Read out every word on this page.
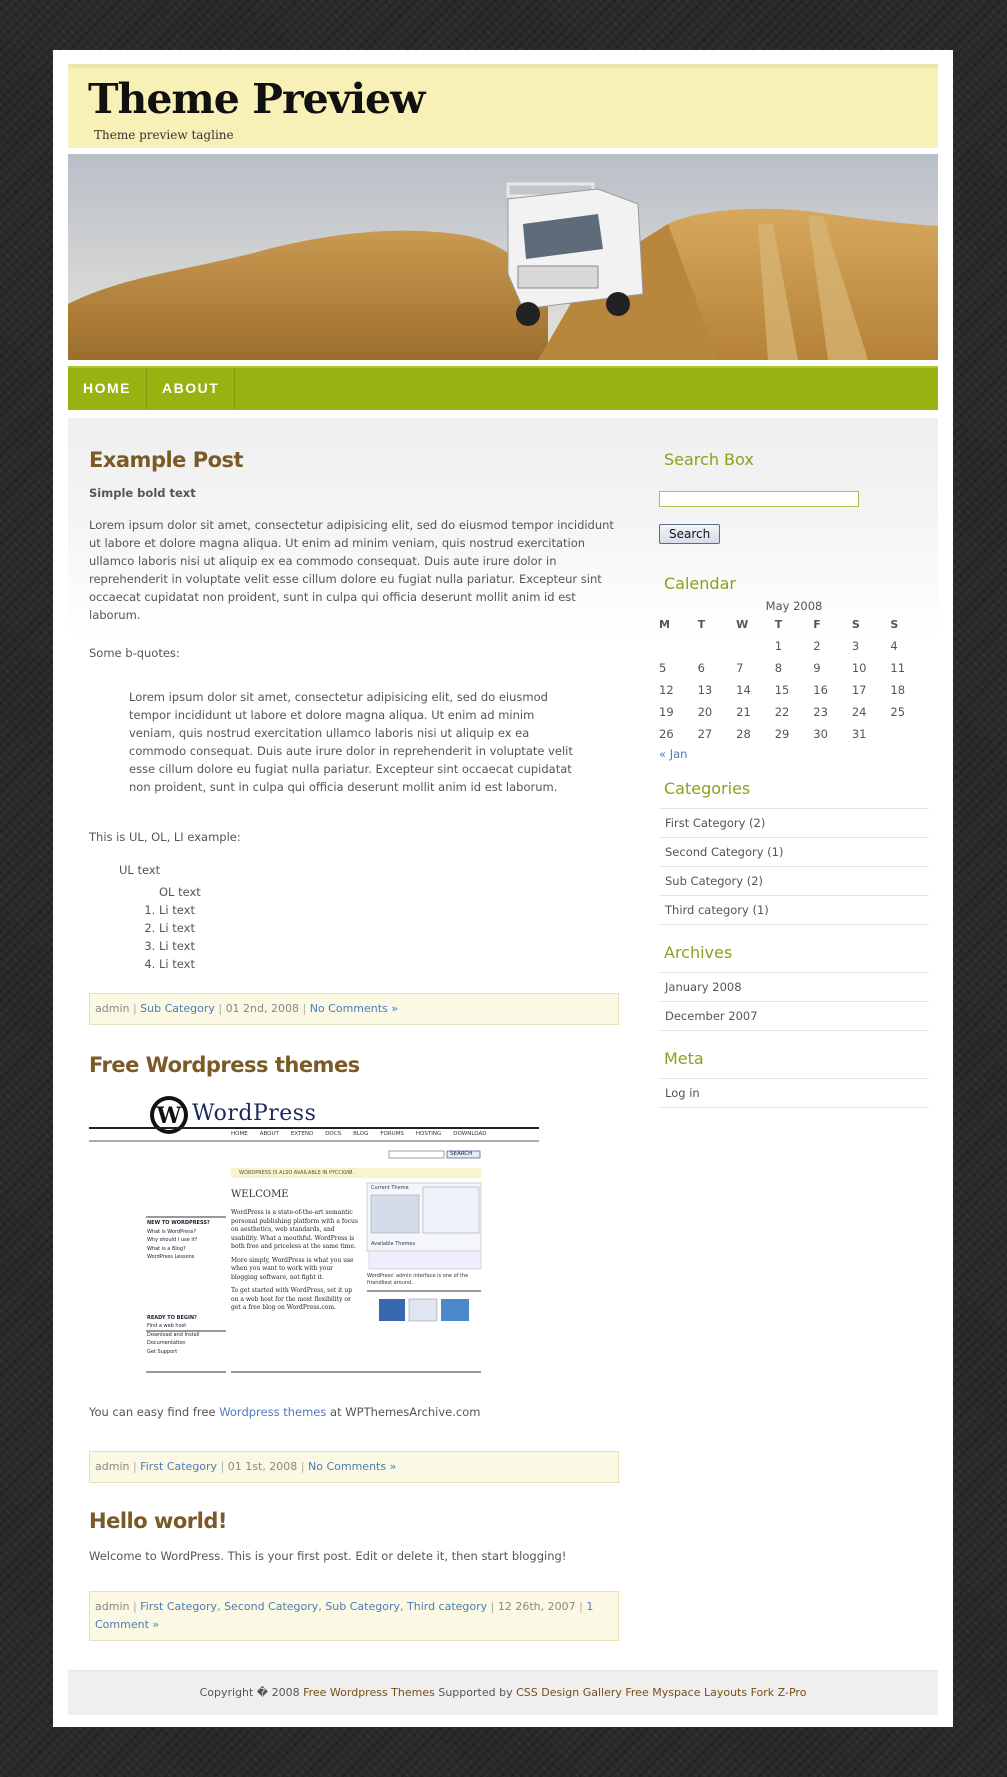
Theme Preview
Theme preview tagline
HOME	ABOUT
Example Post
Simple bold text

Lorem ipsum dolor sit amet, consectetur adipisicing elit, sed do eiusmod tempor incididunt ut labore et dolore magna aliqua. Ut enim ad minim veniam, quis nostrud exercitation ullamco laboris nisi ut aliquip ex ea commodo consequat. Duis aute irure dolor in reprehenderit in voluptate velit esse cillum dolore eu fugiat nulla pariatur. Excepteur sint occaecat cupidatat non proident, sunt in culpa qui officia deserunt mollit anim id est laborum.

Some b-quotes:

Lorem ipsum dolor sit amet, consectetur adipisicing elit, sed do eiusmod tempor incididunt ut labore et dolore magna aliqua. Ut enim ad minim veniam, quis nostrud exercitation ullamco laboris nisi ut aliquip ex ea commodo consequat. Duis aute irure dolor in reprehenderit in voluptate velit esse cillum dolore eu fugiat nulla pariatur. Excepteur sint occaecat cupidatat non proident, sunt in culpa qui officia deserunt mollit anim id est laborum.

This is UL, OL, LI example:

UL text
OL text
1. Li text
2. Li text
3. Li text
4. Li text
admin | Sub Category | 01 2nd, 2008 | No Comments »
Free Wordpress themes
W WordPress
HOME ABOUT EXTEND DOCS BLOG FORUMS HOSTING DOWNLOAD
SEARCH
WORDPRESS IS ALSO AVAILABLE IN PYCCKИЙ.
WELCOME
WordPress is a state-of-the-art semantic personal publishing platform with a focus on aesthetics, web standards, and usability. What a mouthful. WordPress is both free and priceless at the same time.
More simply, WordPress is what you use when you want to work with your blogging software, not fight it.
To get started with WordPress, set it up on a web host for the most flexibility or get a free blog on WordPress.com.
NEW TO WORDPRESS?
What is WordPress?
Why should I use it?
What is a Blog?
WordPress Lessons
READY TO BEGIN?
Find a web host
Download and Install
Documentation
Get Support
Current Theme
Available Themes
WordPress' admin interface is one of the friendliest around.

You can easy find free Wordpress themes at WPThemesArchive.com

admin | First Category | 01 1st, 2008 | No Comments »
Hello world!

Welcome to WordPress. This is your first post. Edit or delete it, then start blogging!

admin | First Category, Second Category, Sub Category, Third category | 12 26th, 2007 | 1 Comment »
Search Box
Search
Calendar
May 2008
M	T	W	T	F	S	S
			1	2	3	4
5	6	7	8	9	10	11
12	13	14	15	16	17	18
19	20	21	22	23	24	25
26	27	28	29	30	31	
« Jan
Categories
First Category (2)
Second Category (1)
Sub Category (2)
Third category (1)
Archives
January 2008
December 2007
Meta
Log in
Copyright � 2008 Free Wordpress Themes Supported by CSS Design Gallery Free Myspace Layouts Fork Z-Pro
